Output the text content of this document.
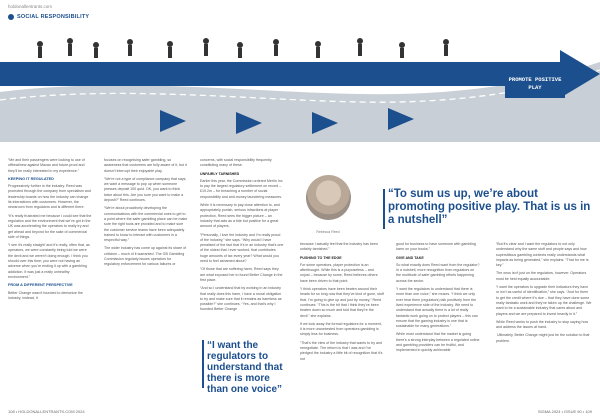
holdonallentrants.com
SOCIAL RESPONSIBILITY
PROMOTE POSITIVE PLAY

“Me and their passengers were looking to use of offbeat/new against Macao and future-proof and they’ll be really interested in my experience.”

KEEPING IT REGULATED

Progressively further in the industry. Reed was promoted through the company from specialism and leadership boards on how the industry can change its interactions with customers. However, the newsroom from regulators and is different there.

“It’s really frustrated me because I could see that the regulation and the environment that we’ve got in the UK was accelerating the operators to really try and get ahead and beyond for the sake of commercial side of things.

“I see it’s really straight’ and it’s really, often that, as operators, we were constantly being told we were the devil and we weren’t doing enough. I think you should over this time; you were not having an adverse when you’re ending it up with a gambling addiction. It was just a really unhealthy environment.”

FROM A DIFFERENT PERSPECTIVE

Better Change wasn’t founded to demonize the industry, instead, it

focuses on recognising safer gambling, so awareness that customers are fully aware of it, but it doesn’t interrupt their enjoyable play.

“We’re not a type of compliance company that says, we want a message to pop up when someone presses deposit 100 quid. OK, you want to think twice about this. Are you sure you want to make a deposit?” Reed continues.

“We’re about proactively developing the communications with the commercial ones to get to a point where the safer gambling place can be make sure the right tools are provided and to make sure the customer service teams have been adequately trained to know to interact with customers in a respectful way.”

The wider industry has come up against its share of criticism – much of it warranted. The GB Gambling Commission regularly issues operators for regulatory enforcement for various failures or

concerns, with social responsibility frequently constituting many of these.

UNFAIRLY TARNISHED

Earlier this year, the Commission ordered Merlin Inc to pay the largest regulatory settlement on record – £19.2m – for breaching a number of social responsibility and anti-money laundering measures.

While it is necessary to pay close attention to, and appropriately punish, serious infractions at player protection, Reed sees the bigger picture – an industry that acts as a tide but positive for a great amount of players.

“Personally, I love the industry and I’m really proud of the industry,” she says. “Why would I have penalised of the fact that it’s in an industry that’s one of the oldest that I ever worked, that contributes huge amounts of tax every year? What would you need to feel ashamed about?

“Of those that are suffering harm, Reed says they are what exposed her to found Better Change in the first place.

“And so I understand that by working in an industry that really does this harm, I have a moral obligation to try and make sure that it remains as harmless as possible?” she continues. “Yes, and that’s why I founded Better Change

“I want the regulators to understand that there is more than one voice”
Rebecca Reed
“To sum us up, we’re about promoting positive play. That is us in a nutshell”

because I actually feel that the industry has been unfairly tarnished.”

PUSHING TO THE EDGE

For some operators, player protection is an afterthought. While this is a purposeless – and unjust – because by some, Reed believes others have been driven to that point.

“I think operators have been beaten around their heads for so long now that they’ve kind of gone, stuff that, I’m going to give up and just try money,” Reed continues. “This is the bit that I think they’ve been beaten down so much and told that they’re the devil.” she explains.

If we look away the formal regulators for a moment, it is more uncontested from operators gambling is simply less for business.

“That’s the view of the industry that wants to try and renegotiate. The reform is that I was and I’ve pledged the industry a little bit of recognition that it’s not

good for business to have someone with gambling harm on your books.”

GIVE AND TAKE

So what exactly does Reed want from the regulator? In a nutshell, more recognition from regulators on the multitude of safer gambling efforts happening across the sector.

“I want the regulators to understand that there is more than one voice,” she muses. “I think we only ever hear them (regulators) talk positively from the lived experience side of the industry. We need to understand that actually there is a lot of really fantastic work going on to protect players – this can ensure that the gaming industry is one that is sustainable for many generations.”

While most understand that the market is going there’s a strong interplay between a regulated online and gambling providers can be fruitful, and implemented in quickly achievable

“But it’s clear and I want the regulators to not only understand why the same stuff and people says and how superstitious gambling contexts really understands what impacts as being generated,” she explains. “That for me is key.”

The onus isn’t just on the regulators, however. Operators must be held equally accountable.

“I want the operators to upgrade their indicators they have or isn’t as useful of identification,” she says. “And for them to get the credit where it’s due – that they have done some really fantastic work and they’ve taken up the challenge. We want to be a sustainable industry that cares about and players and we are prepared to invest heavily in it.”

While Reed works to push the industry to stop saying how and address the issues at hand.

Ultimately, Better Change might just be the solution to that problem.

108 • HOLDONALLENTRANTS.COM 2024	SIGMA 2024 • ISSUE 90 • 109
